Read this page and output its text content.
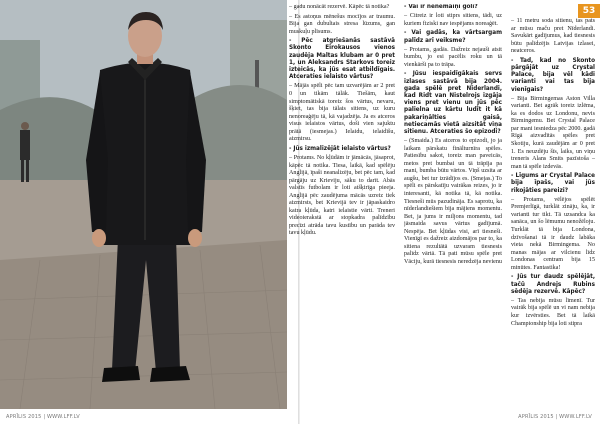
APRĪLIS 2015 | WWW.LFF.LV
53
APRĪLIS 2015 | WWW.LFF.LV

– gadu nonācāt rezervē. Kāpēc tā notika?

– Es astoņus mēnešus mocījos ar traumu. Bija gan dubultais stresa lūzums, gan muskuļu plīsums.

- Pēc atgriešanās sastāvā Skonto Eirokausos vienos zaudēja Maltas klubam ar 0 pret 1, un Aleksandrs Starkovs toreiz izteicās, ka jūs esat atbildīgais. Atceraties ielaisto vārtus?

– Mājās spēli pēc tam uzvarējām ar 2 pret 0 un tikām tālāk. Tiešām, kaut simptomātiskā toreiz šos vārtus, nevaru, šķiet, tas bija tālais sitiens, uz kuru nenoreaģēju tā, kā vajadzēja. Ja es atceros visus ielaistos vārtus, doši vien sajuktu prātā (iesmejas.) Ielaidu, ielaidīšu, aizmirsu.

- Jūs izmalizējāt ielaisto vārtus?

– Protams. No kļūdām ir jāmācās, jāsaprot, kāpēc tā notika. Tiesa, laikā, kad spēlēju Anglijā, īpaši neanalizēju, bet pēc tam, kad pārgāju uz Krieviju, sāku to darīt. Abās valstīs futbolam ir loti atšķirīga pieeja. Anglijā pēc zaudējuma mācās uzreiz tiek aizmirsts, bet Krievijā tev ir jāpaskaidro katra kļūda, katri ielaistie vārti. Treneri videoierakstā ar stopkadra palīdzību precīzi atrāda tavu kustību un parāda tev tavu kļūdu.

- Vai ir nenemaiņi goli?

– Citreiz ir loti stiprs sitiens, tādi, uz kuriem fiziski nav iespējams noreaģēt.

- Vai gadās, ka vārtsargam palīdz arī veiksme?

– Protams, gadās. Dažreiz nejauši atsit bumbu, jo esi pacēlis roku un tā vienkārši pa to trāpa.

- Jūsu iespaidīgākais servs izlases sastāvā bija 2004. gada spēlē pret Nīderlandi, kad Ridt van Nistelrojs izgāja viens pret vienu un jūs pēc palielna uz kārtu ludīt it kā pakariņālties gaisā, netiecamās vietā aizsitāt viņa sitienu. Atceraties šo epizodi?

– (Smaida.) Es atceros to epizodi, jo ja laikam pārskatu finālturnīra spēles. Patiesību sakot, toreiz man paveicās, metos pret bumbai un tā trāpīja pa mani, bumba būtu vārtos. Viņš uzsita ar augšu, bet tur izrādījos es. (Smejas.) To spēli es pārskatīju vairākas reizes, jo ir interesanti, kā notika tā, kā notika. Tiesneši mūs pazudināja. Es saprotu, ka nīderlandiešiem bija mājiens momentu. Bet, ja jums ir miljons momentu, tad jāsmaida savus vārtus gadījumā. Nespēja. Bet kļūdas visi, arī tiesneši. Vienīgi es dažreiz aizdomājos par to, ka sitiena rezultātā uzvaram tiesnesis palīdz vārtā. Tā pati mūsu spēle pret Vāciju, kurā tiesnesis neredzēja nevienu

– 11 metru soda sitienu, tas pats ar mūsu maču pret Nīderlandi. Savukārt gadījumus, kad tiesnesis būtu palīdzējis Latvijas izlasei, neatceros.

- Tad, kad no Skonto pārgājāt uz Crystal Palace, bija vēl kādi varianti vai tas bija vienīgais?

– Bija Birmingemas Aston Villa varianti. Bet agrāk toreiz izlēma, ka es dodos uz Londonu, nevis Birmingemu. Bet Crystal Palace par mani iesniedza pēc 2000. gadā Rīgā aizvadītās spēles pret Skotiju, kurā zaudējām ar 0 pret 1. Es neuzdēju šīs, laiks, un viņu treneris Alans Smits pazīstoša – man tā spēle izdevās.

- Līgums ar Crystal Palace bija īpašs, vai jūs rikojāties pareizi?

– Protams, vēlējos spēlēt Premjerlīgā, turklāt zināju, ka, ir varianti tur tikt. Tā uzsandca ka sanāca, un šo lēmumu nenožēloju. Turklāt tā bija Londona, dzīvošanai tā ir daudz labāka vieta nekā Birmingema. No manas mājas ar vilcienu līdz Londonas centram bija 15 minūtes. Fantastika!

- Jūs tur daudz spēlējāt, tačū Andrejs Rubins sēdēja rezervē. Kāpēc?

– Tas nebija mūsu līmenī. Tur vairāk bija spēlē un vi nam nebija kur izvērsties. Bet tā laikā Championship bija loti stipra
